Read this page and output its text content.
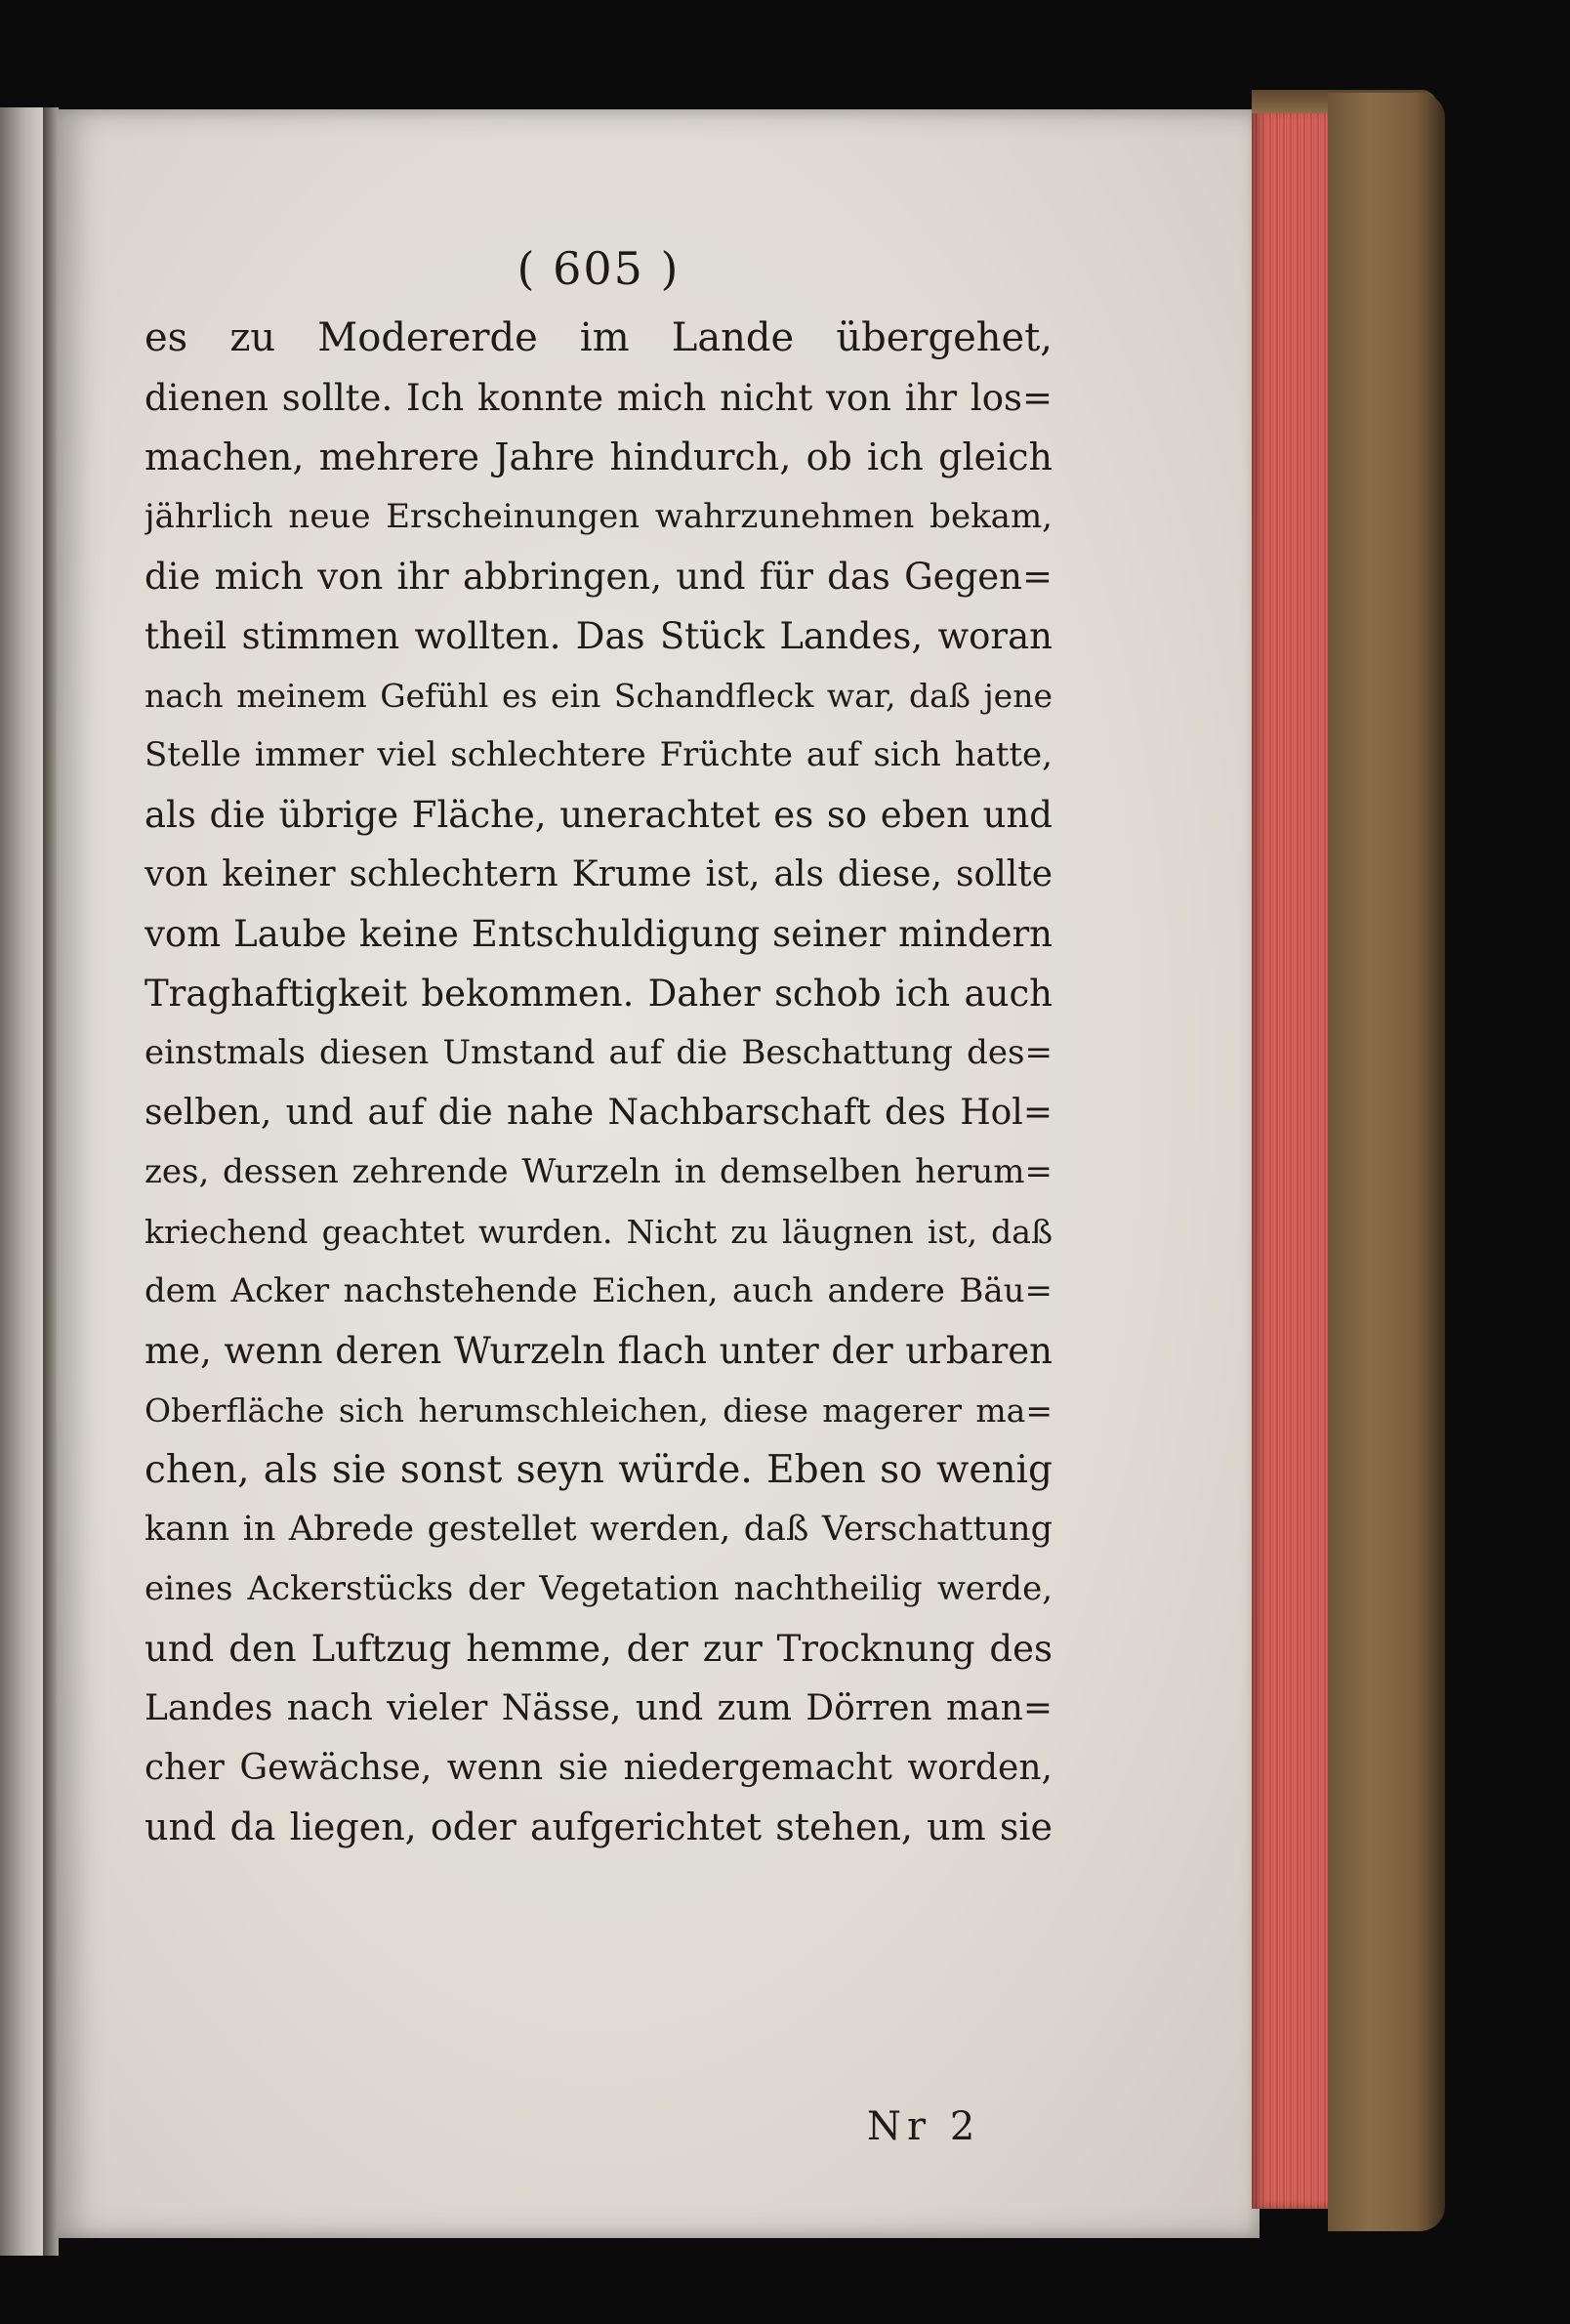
( 605 )
es zu Modererde im Lande übergehet,
dienen sollte. Ich konnte mich nicht von ihr los=
machen, mehrere Jahre hindurch, ob ich gleich
jährlich neue Erscheinungen wahrzunehmen bekam,
die mich von ihr abbringen, und für das Gegen=
theil stimmen wollten. Das Stück Landes, woran
nach meinem Gefühl es ein Schandfleck war, daß jene
Stelle immer viel schlechtere Früchte auf sich hatte,
als die übrige Fläche, unerachtet es so eben und
von keiner schlechtern Krume ist, als diese, sollte
vom Laube keine Entschuldigung seiner mindern
Traghaftigkeit bekommen. Daher schob ich auch
einstmals diesen Umstand auf die Beschattung des=
selben, und auf die nahe Nachbarschaft des Hol=
zes, dessen zehrende Wurzeln in demselben herum=
kriechend geachtet wurden. Nicht zu läugnen ist, daß
dem Acker nachstehende Eichen, auch andere Bäu=
me, wenn deren Wurzeln flach unter der urbaren
Oberfläche sich herumschleichen, diese magerer ma=
chen, als sie sonst seyn würde. Eben so wenig
kann in Abrede gestellet werden, daß Verschattung
eines Ackerstücks der Vegetation nachtheilig werde,
und den Luftzug hemme, der zur Trocknung des
Landes nach vieler Nässe, und zum Dörren man=
cher Gewächse, wenn sie niedergemacht worden,
und da liegen, oder aufgerichtet stehen, um sie
Nr 2
